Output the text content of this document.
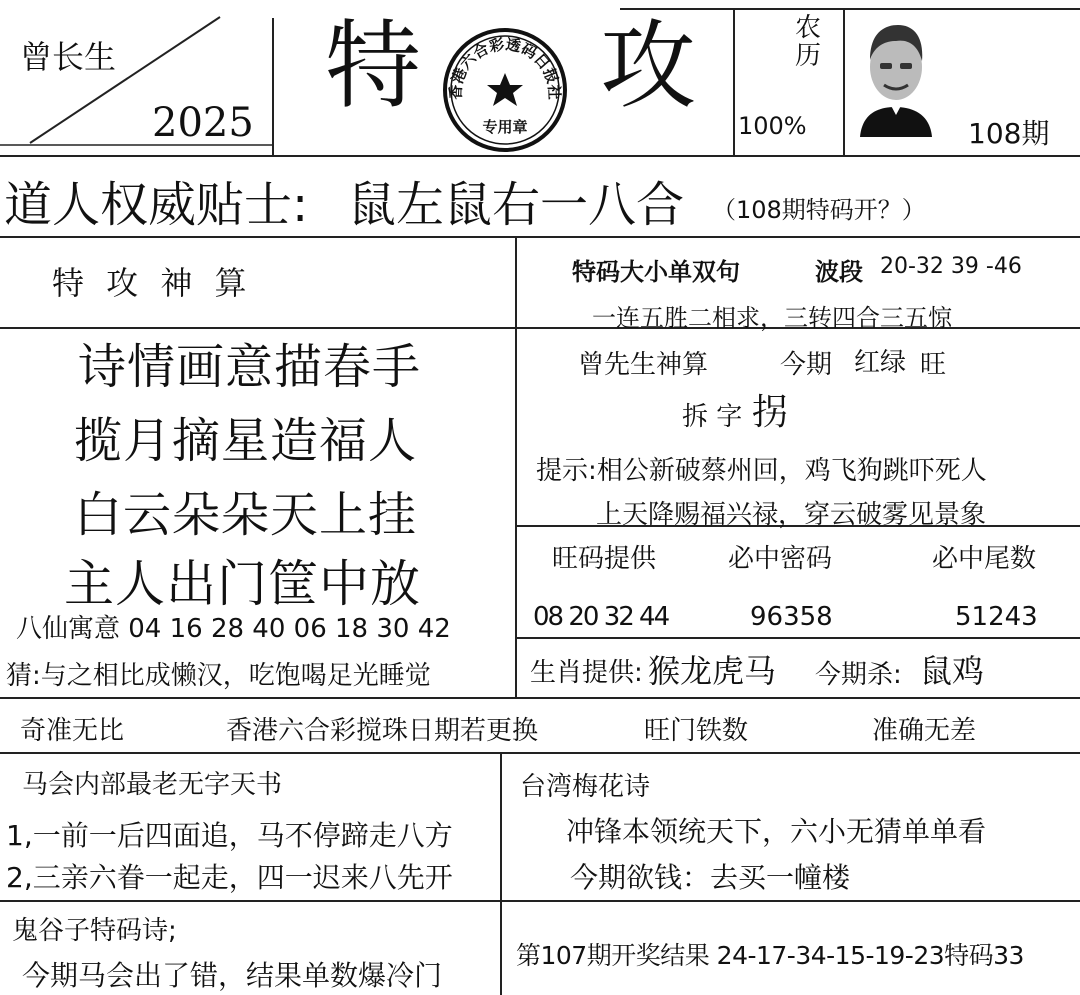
曾长生
2025
特 攻
香港六合彩透码日报社
专用章
农历
100%	108期
道人权威贴士: 鼠左鼠右一八合 （108期特码开？）
特 攻 神 算
诗情画意描春手
揽月摘星造福人
白云朵朵天上挂
主人出门筐中放
八仙寓意 04 16 28 40 06 18 30 42
猜:与之相比成懒汉，吃饱喝足光睡觉
特码大小单双句	波段 20-32 39 -46
一连五胜二相求，三转四合三五惊
曾先生神算	今期 红绿 旺
拆 字 拐
提示:相公新破蔡州回，鸡飞狗跳吓死人
上天降赐福兴禄，穿云破雾见景象
旺码提供	必中密码	必中尾数
08 20 32 44	96358	51243
生肖提供: 猴龙虎马 今期杀: 鼠鸡
奇准无比	香港六合彩搅珠日期若更换	旺门铁数	准确无差
马会内部最老无字天书
1,一前一后四面追，马不停蹄走八方
2,三亲六眷一起走，四一迟来八先开
鬼谷子特码诗;
今期马会出了错，结果单数爆冷门
台湾梅花诗
冲锋本领统天下，六小无猜单单看
今期欲钱：去买一幢楼
第107期开奖结果 24-17-34-15-19-23特码33
